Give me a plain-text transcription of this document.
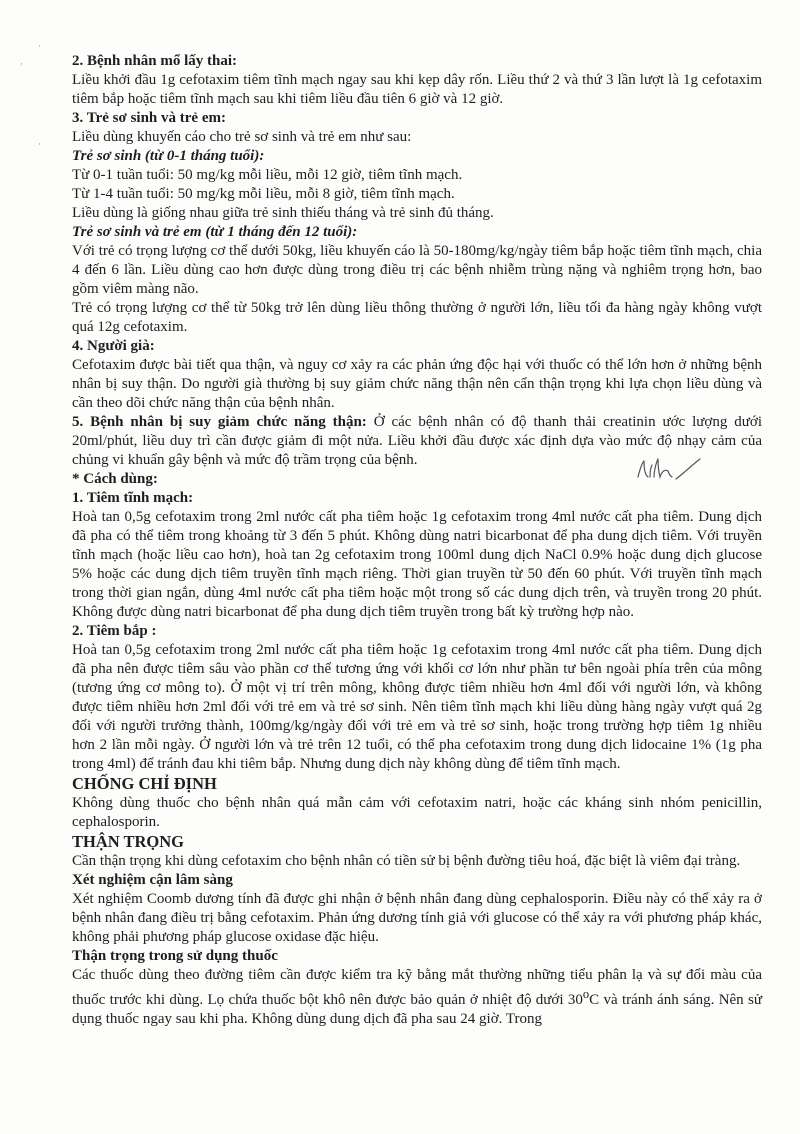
2. Bệnh nhân mổ lấy thai:

Liều khởi đầu 1g cefotaxim tiêm tĩnh mạch ngay sau khi kẹp dây rốn. Liều thứ 2 và thứ 3 lần lượt là 1g cefotaxim tiêm bắp hoặc tiêm tĩnh mạch sau khi tiêm liều đầu tiên 6 giờ và 12 giờ.

3. Trẻ sơ sinh và trẻ em:

Liều dùng khuyến cáo cho trẻ sơ sinh và trẻ em như sau:

Trẻ sơ sinh (từ 0-1 tháng tuổi):

Từ 0-1 tuần tuổi: 50 mg/kg mỗi liều, mỗi 12 giờ, tiêm tĩnh mạch.

Từ 1-4 tuần tuổi: 50 mg/kg mỗi liều, mỗi 8 giờ, tiêm tĩnh mạch.

Liều dùng là giống nhau giữa trẻ sinh thiếu tháng và trẻ sinh đủ tháng.

Trẻ sơ sinh và trẻ em (từ 1 tháng đến 12 tuổi):

Với trẻ có trọng lượng cơ thể dưới 50kg, liều khuyến cáo là 50-180mg/kg/ngày tiêm bắp hoặc tiêm tĩnh mạch, chia 4 đến 6 lần. Liều dùng cao hơn được dùng trong điều trị các bệnh nhiễm trùng nặng và nghiêm trọng hơn, bao gồm viêm màng não.

Trẻ có trọng lượng cơ thể từ 50kg trở lên dùng liều thông thường ở người lớn, liều tối đa hàng ngày không vượt quá 12g cefotaxim.

4. Người già:

Cefotaxim được bài tiết qua thận, và nguy cơ xảy ra các phản ứng độc hại với thuốc có thể lớn hơn ở những bệnh nhân bị suy thận. Do người già thường bị suy giảm chức năng thận nên cẩn thận trọng khi lựa chọn liều dùng và cần theo dõi chức năng thận của bệnh nhân.

5. Bệnh nhân bị suy giảm chức năng thận: Ở các bệnh nhân có độ thanh thải creatinin ước lượng dưới 20ml/phút, liều duy trì cần được giảm đi một nửa. Liều khởi đầu được xác định dựa vào mức độ nhạy cảm của chủng vi khuẩn gây bệnh và mức độ trầm trọng của bệnh.

* Cách dùng:

1. Tiêm tĩnh mạch:

Hoà tan 0,5g cefotaxim trong 2ml nước cất pha tiêm hoặc 1g cefotaxim trong 4ml nước cất pha tiêm. Dung dịch đã pha có thể tiêm trong khoảng từ 3 đến 5 phút. Không dùng natri bicarbonat để pha dung dịch tiêm. Với truyền tĩnh mạch (hoặc liều cao hơn), hoà tan 2g cefotaxim trong 100ml dung dịch NaCl 0.9% hoặc dung dịch glucose 5% hoặc các dung dịch tiêm truyền tĩnh mạch riêng. Thời gian truyền từ 50 đến 60 phút. Với truyền tĩnh mạch trong thời gian ngắn, dùng 4ml nước cất pha tiêm hoặc một trong số các dung dịch trên, và truyền trong 20 phút. Không được dùng natri bicarbonat để pha dung dịch tiêm truyền trong bất kỳ trường hợp nào.

2. Tiêm bắp :

Hoà tan 0,5g cefotaxim trong 2ml nước cất pha tiêm hoặc 1g cefotaxim trong 4ml nước cất pha tiêm. Dung dịch đã pha nên được tiêm sâu vào phần cơ thể tương ứng với khối cơ lớn như phần tư bên ngoài phía trên của mông (tương ứng cơ mông to). Ở một vị trí trên mông, không được tiêm nhiều hơn 4ml đối với người lớn, và không được tiêm nhiều hơn 2ml đối với trẻ em và trẻ sơ sinh. Nên tiêm tĩnh mạch khi liều dùng hàng ngày vượt quá 2g đối với người trưởng thành, 100mg/kg/ngày đối với trẻ em và trẻ sơ sinh, hoặc trong trường hợp tiêm 1g nhiều hơn 2 lần mỗi ngày. Ở người lớn và trẻ trên 12 tuổi, có thể pha cefotaxim trong dung dịch lidocaine 1% (1g pha trong 4ml) để tránh đau khi tiêm bắp. Nhưng dung dịch này không dùng để tiêm tĩnh mạch.

CHỐNG CHỈ ĐỊNH

Không dùng thuốc cho bệnh nhân quá mẫn cảm với cefotaxim natri, hoặc các kháng sinh nhóm penicillin, cephalosporin.

THẬN TRỌNG

Cần thận trọng khi dùng cefotaxim cho bệnh nhân có tiền sử bị bệnh đường tiêu hoá, đặc biệt là viêm đại tràng.

Xét nghiệm cận lâm sàng

Xét nghiệm Coomb dương tính đã được ghi nhận ở bệnh nhân đang dùng cephalosporin. Điều này có thể xảy ra ở bệnh nhân đang điều trị bằng cefotaxim. Phản ứng dương tính giả với glucose có thể xảy ra với phương pháp khác, không phải phương pháp glucose oxidase đặc hiệu.

Thận trọng trong sử dụng thuốc

Các thuốc dùng theo đường tiêm cần được kiểm tra kỹ bằng mắt thường những tiểu phân lạ và sự đổi màu của thuốc trước khi dùng. Lọ chứa thuốc bột khô nên được bảo quản ở nhiệt độ dưới 30$^o$C và tránh ánh sáng. Nên sử dụng thuốc ngay sau khi pha. Không dùng dung dịch đã pha sau 24 giờ. Trong

·
·
·
